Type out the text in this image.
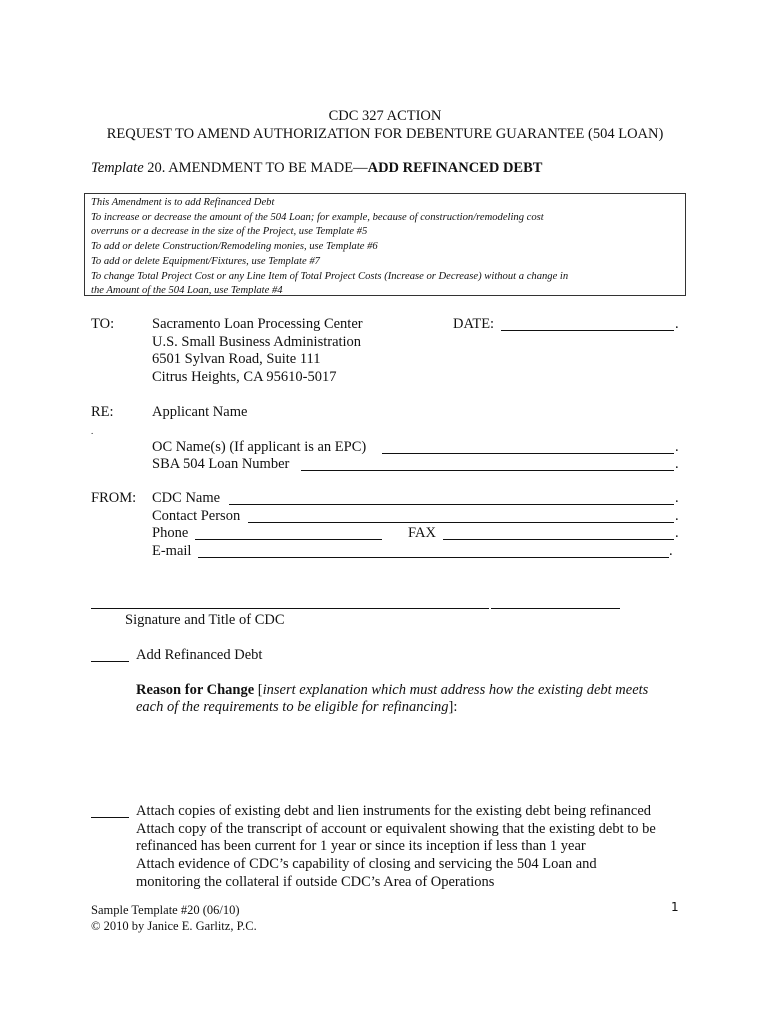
CDC 327 ACTION
REQUEST TO AMEND AUTHORIZATION FOR DEBENTURE GUARANTEE (504 LOAN)
Template 20. AMENDMENT TO BE MADE—ADD REFINANCED DEBT
This Amendment is to add Refinanced Debt
To increase or decrease the amount of the 504 Loan; for example, because of construction/remodeling cost
overruns or a decrease in the size of the Project, use Template #5
To add or delete Construction/Remodeling monies, use Template #6
To add or delete Equipment/Fixtures, use Template #7
To change Total Project Cost or any Line Item of Total Project Costs (Increase or Decrease) without a change in
the Amount of the 504 Loan, use Template #4
TO:	Sacramento Loan Processing Center
U.S. Small Business Administration
6501 Sylvan Road, Suite 111
Citrus Heights, CA 95610-5017
DATE:	.
RE:	Applicant Name
.
OC Name(s) (If applicant is an EPC)	.
SBA 504 Loan Number	.
FROM: CDC Name	.
Contact Person	.
Phone	FAX	.
E-mail	.
Signature and Title of CDC
Add Refinanced Debt
Reason for Change [insert explanation which must address how the existing debt meets
each of the requirements to be eligible for refinancing]:
Attach copies of existing debt and lien instruments for the existing debt being refinanced
Attach copy of the transcript of account or equivalent showing that the existing debt to be
refinanced has been current for 1 year or since its inception if less than 1 year
Attach evidence of CDC’s capability of closing and servicing the 504 Loan and
monitoring the collateral if outside CDC’s Area of Operations
Sample Template #20 (06/10)
© 2010 by Janice E. Garlitz, P.C.
1
